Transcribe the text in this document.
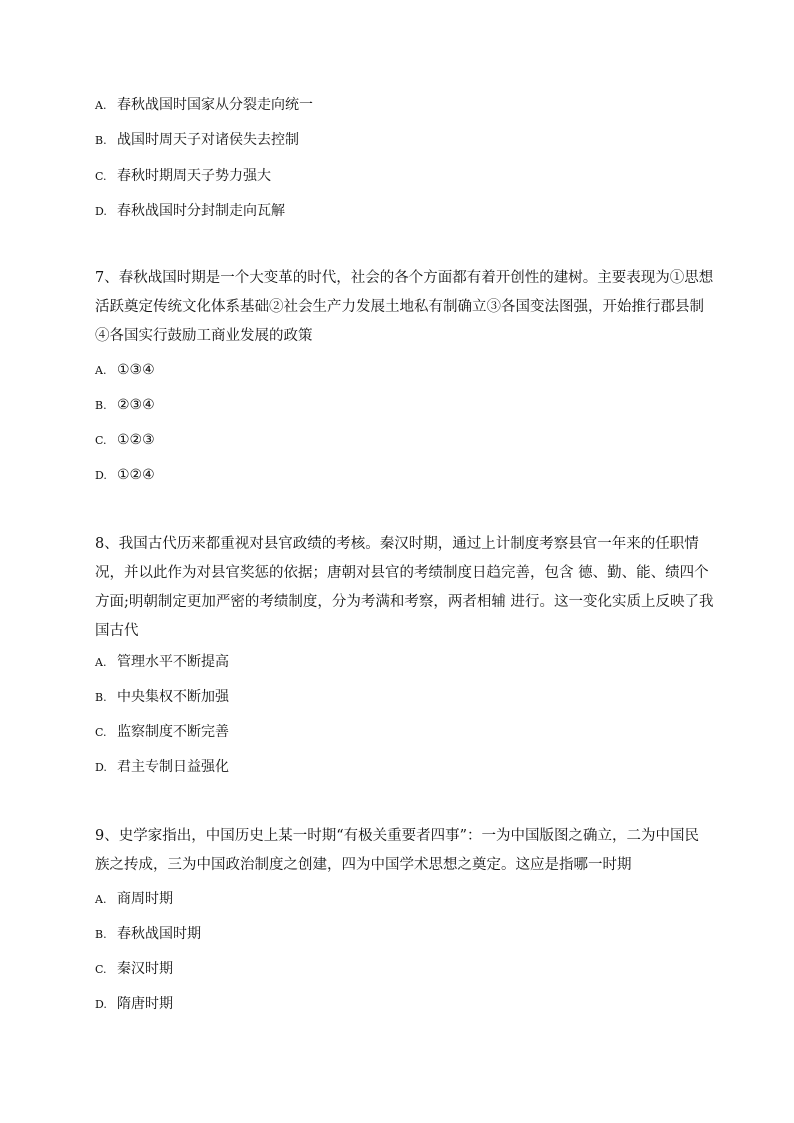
A. 春秋战国时国家从分裂走向统一
B. 战国时周天子对诸侯失去控制
C. 春秋时期周天子势力强大
D. 春秋战国时分封制走向瓦解
7、春秋战国时期是一个大变革的时代，社会的各个方面都有着开创性的建树。主要表现为①思想
活跃奠定传统文化体系基础②社会生产力发展土地私有制确立③各国变法图强，开始推行郡县制
④各国实行鼓励工商业发展的政策
A. ①③④
B. ②③④
C. ①②③
D. ①②④
8、我国古代历来都重视对县官政绩的考核。秦汉时期，通过上计制度考察县官一年来的任职情
况，并以此作为对县官奖惩的依据；唐朝对县官的考绩制度日趋完善，包含 德、勤、能、绩四个
方面;明朝制定更加严密的考绩制度，分为考满和考察，两者相辅 进行。这一变化实质上反映了我
国古代
A. 管理水平不断提高
B. 中央集权不断加强
C. 监察制度不断完善
D. 君主专制日益强化
9、史学家指出，中国历史上某一时期“有极关重要者四事”：一为中国版图之确立，二为中国民
族之抟成，三为中国政治制度之创建，四为中国学术思想之奠定。这应是指哪一时期
A. 商周时期
B. 春秋战国时期
C. 秦汉时期
D. 隋唐时期
